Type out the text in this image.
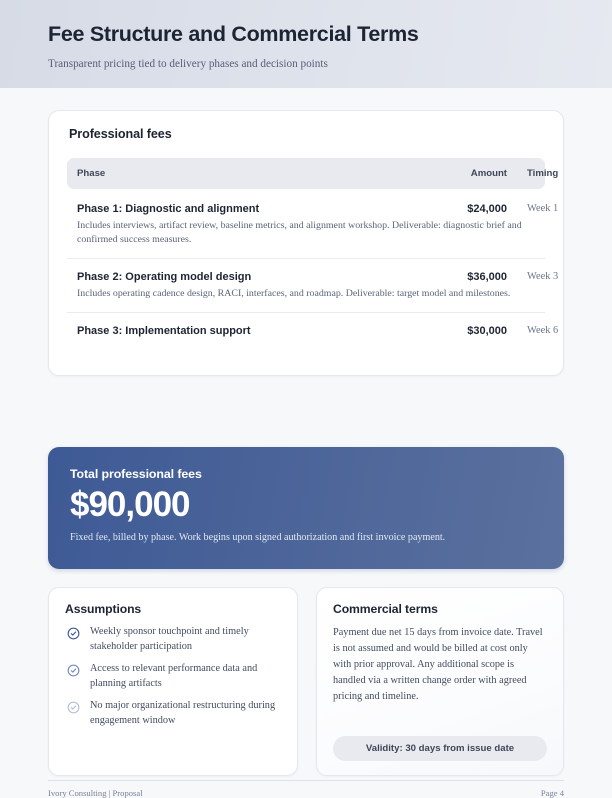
Fee Structure and Commercial Terms
Transparent pricing tied to delivery phases and decision points
Professional fees
Phase	Amount	Timing
Phase 1: Diagnostic and alignment	$24,000	Week 1
Includes interviews, artifact review, baseline metrics, and alignment workshop. Deliverable: diagnostic brief and confirmed success measures.		
Phase 2: Operating model design	$36,000	Week 3
Includes operating cadence design, RACI, interfaces, and roadmap. Deliverable: target model and milestones.		
Phase 3: Implementation support	$30,000	Week 6
Total professional fees
$90,000
Fixed fee, billed by phase. Work begins upon signed authorization and first invoice payment.
Assumptions
Weekly sponsor touchpoint and timely stakeholder participation
Access to relevant performance data and planning artifacts
No major organizational restructuring during engagement window
Commercial terms
Payment due net 15 days from invoice date. Travel is not assumed and would be billed at cost only with prior approval. Any additional scope is handled via a written change order with agreed pricing and timeline.
Validity: 30 days from issue date
Ivory Consulting | Proposal	Page 4
